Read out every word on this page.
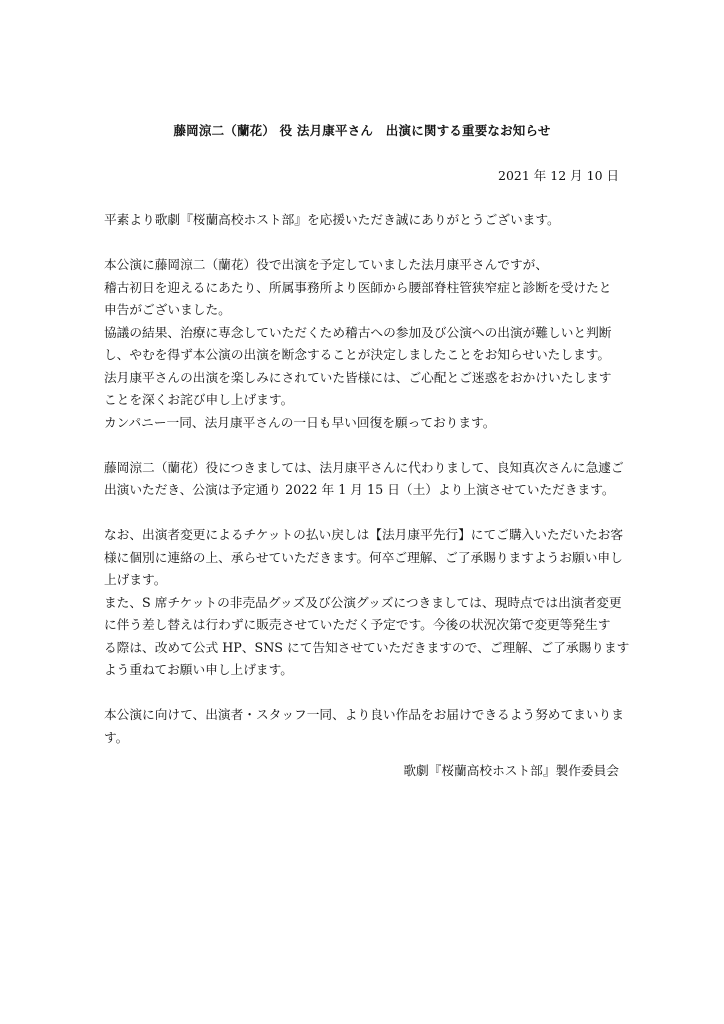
藤岡涼二（蘭花） 役 法月康平さん　出演に関する重要なお知らせ
2021 年 12 月 10 日

平素より歌劇『桜蘭高校ホスト部』を応援いただき誠にありがとうございます。

本公演に藤岡涼二（蘭花）役で出演を予定していました法月康平さんですが、

稽古初日を迎えるにあたり、所属事務所より医師から腰部脊柱管狭窄症と診断を受けたと

申告がございました。

協議の結果、治療に専念していただくため稽古への参加及び公演への出演が難しいと判断

し、やむを得ず本公演の出演を断念することが決定しましたことをお知らせいたします。

法月康平さんの出演を楽しみにされていた皆様には、ご心配とご迷惑をおかけいたします

ことを深くお詫び申し上げます。

カンパニー一同、法月康平さんの一日も早い回復を願っております。

藤岡涼二（蘭花）役につきましては、法月康平さんに代わりまして、良知真次さんに急遽ご

出演いただき、公演は予定通り 2022 年 1 月 15 日（土）より上演させていただきます。

なお、出演者変更によるチケットの払い戻しは【法月康平先行】にてご購入いただいたお客

様に個別に連絡の上、承らせていただきます。何卒ご理解、ご了承賜りますようお願い申し

上げます。

また、S 席チケットの非売品グッズ及び公演グッズにつきましては、現時点では出演者変更

に伴う差し替えは行わずに販売させていただく予定です。今後の状況次第で変更等発生す

る際は、改めて公式 HP、SNS にて告知させていただきますので、ご理解、ご了承賜ります

よう重ねてお願い申し上げます。

本公演に向けて、出演者・スタッフ一同、より良い作品をお届けできるよう努めてまいりま

す。

歌劇『桜蘭高校ホスト部』製作委員会
